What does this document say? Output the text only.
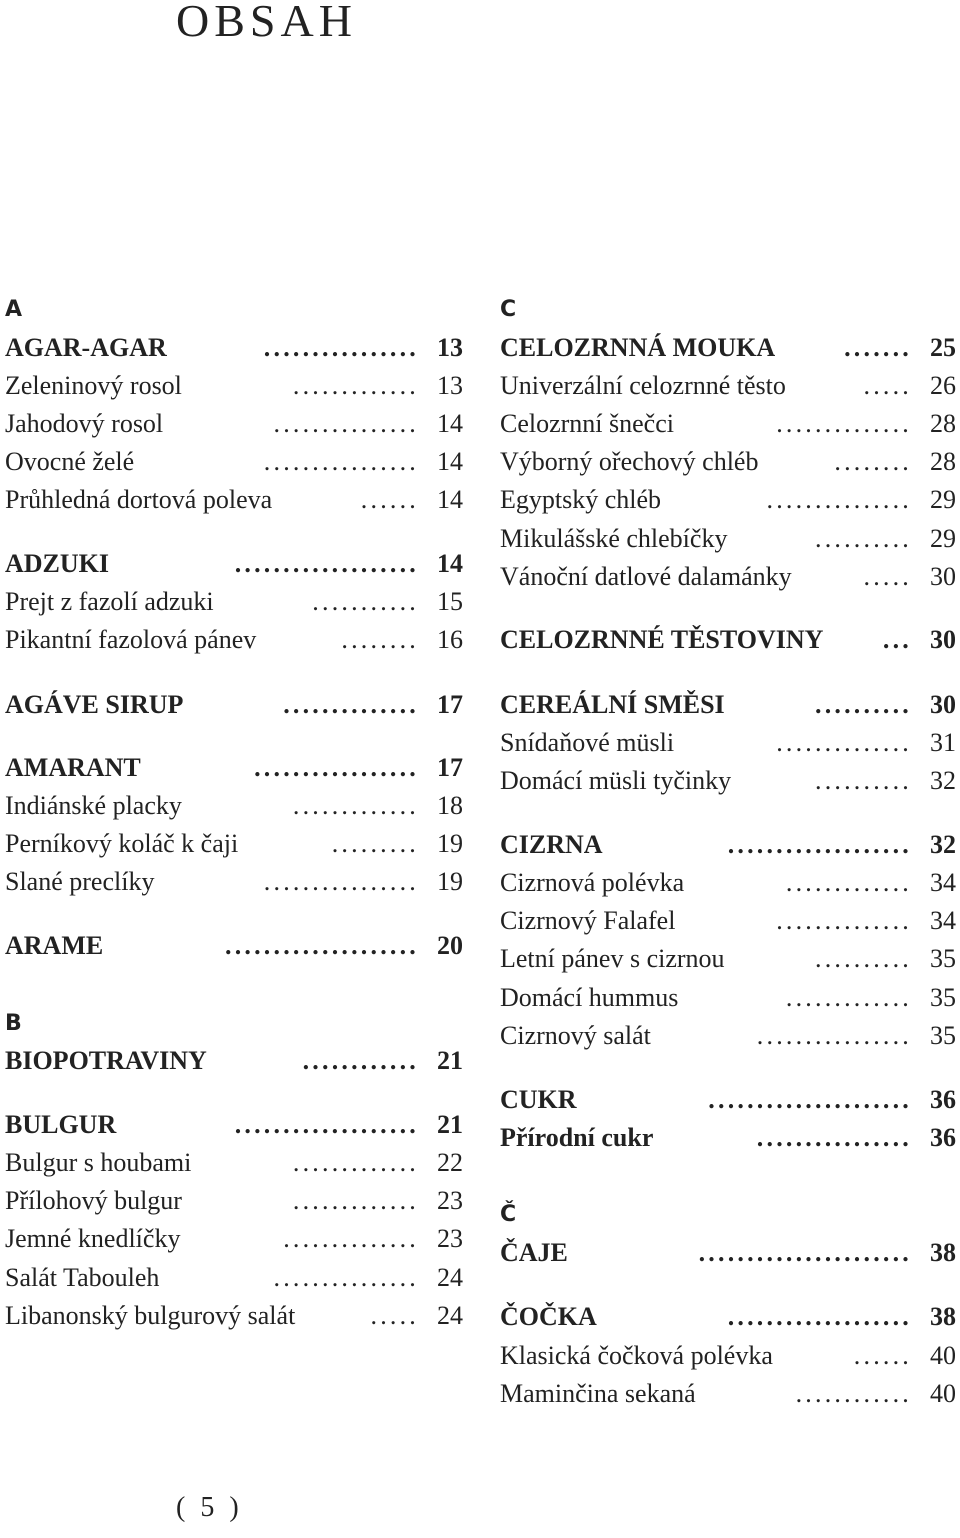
OBSAH
A
AGAR-AGAR	................ 13
Zeleninový rosol	............. 13
Jahodový rosol	............... 14
Ovocné želé	................ 14
Průhledná dortová poleva	...... 14
ADZUKI	................... 14
Prejt z fazolí adzuki	........... 15
Pikantní fazolová pánev	........ 16
AGÁVE SIRUP	.............. 17
AMARANT	................. 17
Indiánské placky	............. 18
Perníkový koláč k čaji	......... 19
Slané preclíky	................ 19
ARAME	.................... 20
B
BIOPOTRAVINY	............ 21
BULGUR	................... 21
Bulgur s houbami	............. 22
Přílohový bulgur	............. 23
Jemné knedlíčky	.............. 23
Salát Tabouleh	............... 24
Libanonský bulgurový salát	..... 24
C
CELOZRNNÁ MOUKA	....... 25
Univerzální celozrnné těsto	..... 26
Celozrnní šnečci	.............. 28
Výborný ořechový chléb	........ 28
Egyptský chléb	............... 29
Mikulášské chlebíčky	.......... 29
Vánoční datlové dalamánky	..... 30
CELOZRNNÉ TĚSTOVINY ... 30
CEREÁLNÍ SMĚSI	.......... 30
Snídaňové müsli	.............. 31
Domácí müsli tyčinky	.......... 32
CIZRNA	................... 32
Cizrnová polévka	............. 34
Cizrnový Falafel	.............. 34
Letní pánev s cizrnou	.......... 35
Domácí hummus	............. 35
Cizrnový salát	................ 35
CUKR	..................... 36
Přírodní cukr	................ 36
Č
ČAJE	...................... 38
ČOČKA	................... 38
Klasická čočková polévka	...... 40
Maminčina sekaná	............ 40
( 5 )
